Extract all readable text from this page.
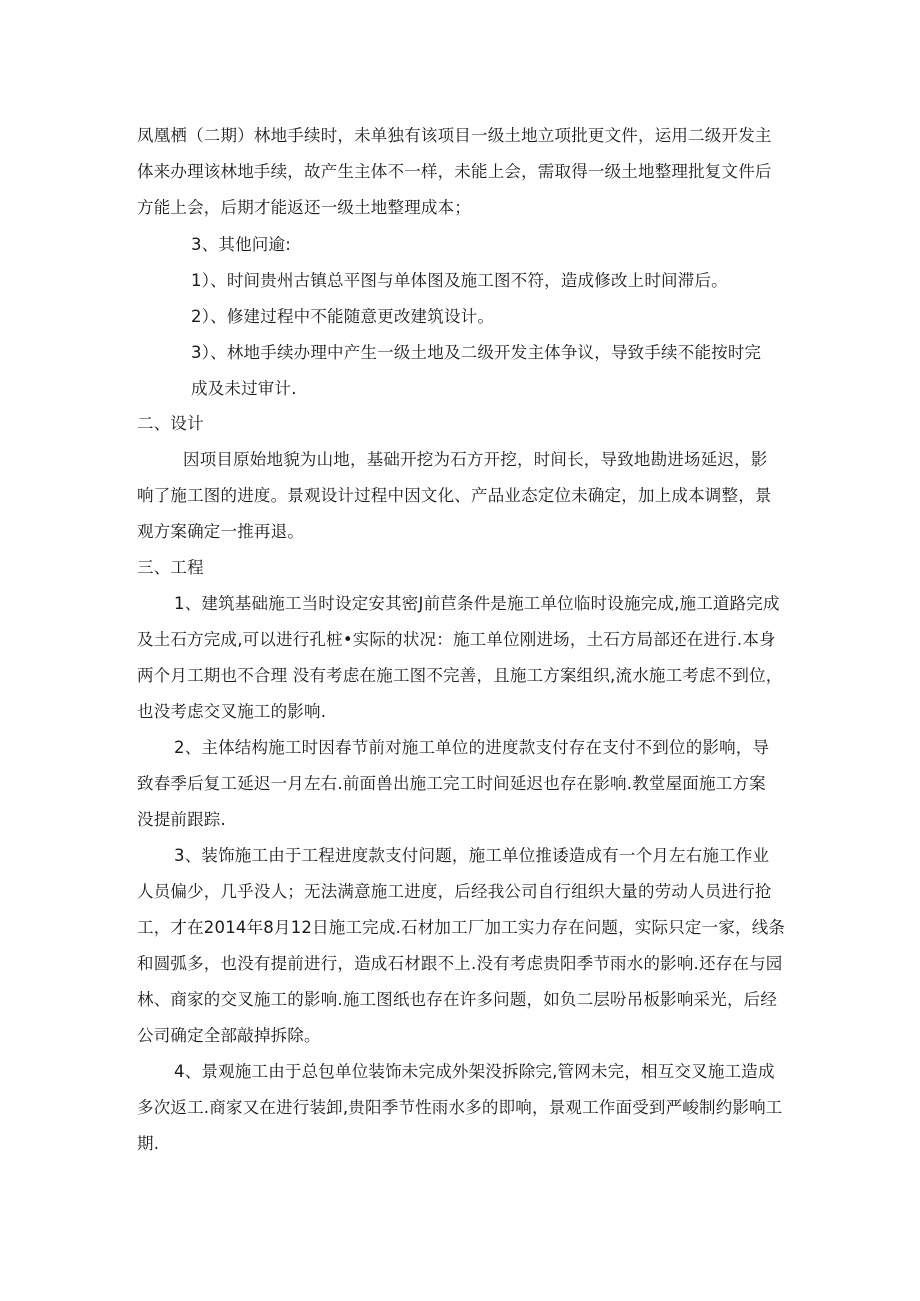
凤凰栖（二期）林地手续时，未单独有该项目一级土地立项批更文件，运用二级开发主
体来办理该林地手续，故产生主体不一样，未能上会，需取得一级土地整理批复文件后
方能上会，后期才能返还一级土地整理成本；
3、其他问逾:
1）、时间贵州古镇总平图与单体图及施工图不符，造成修改上时间滞后。
2）、修建过程中不能随意更改建筑设计。
3）、林地手续办理中产生一级土地及二级开发主体争议，导致手续不能按时完
成及未过审计.
二、设计
因项目原始地貌为山地，基础开挖为石方开挖，时间长，导致地勘进场延迟，影
响了施工图的进度。景观设计过程中因文化、产品业态定位未确定，加上成本调整，景
观方案确定一推再退。
三、工程
1、建筑基础施工当时设定安其密J前苣条件是施工单位临时设施完成,施工道路完成
及土石方完成,可以进行孔桩•实际的状况：施工单位刚进场，土石方局部还在进行.本身
两个月工期也不合理 没有考虑在施工图不完善，且施工方案组织,流水施工考虑不到位，
也没考虑交叉施工的影响.
2、主体结构施工时因春节前对施工单位的进度款支付存在支付不到位的影响，导
致春季后复工延迟一月左右.前面兽出施工完工时间延迟也存在影响.教堂屋面施工方案
没提前跟踪.
3、装饰施工由于工程进度款支付问题，施工单位推诿造成有一个月左右施工作业
人员偏少，几乎没人；无法满意施工进度，后经我公司自行组织大量的劳动人员进行抢
工，才在2014年8月12日施工完成.石材加工厂加工实力存在问题，实际只定一家，线条
和圆弧多，也没有提前进行，造成石材跟不上.没有考虑贵阳季节雨水的影响.还存在与园
林、商家的交叉施工的影响.施工图纸也存在许多问题，如负二层吩吊板影响采光，后经
公司确定全部敲掉拆除。
4、景观施工由于总包单位装饰未完成外架没拆除完,管网未完，相互交叉施工造成
多次返工.商家又在进行装卸,贵阳季节性雨水多的即响，景观工作面受到严峻制约影响工
期.
